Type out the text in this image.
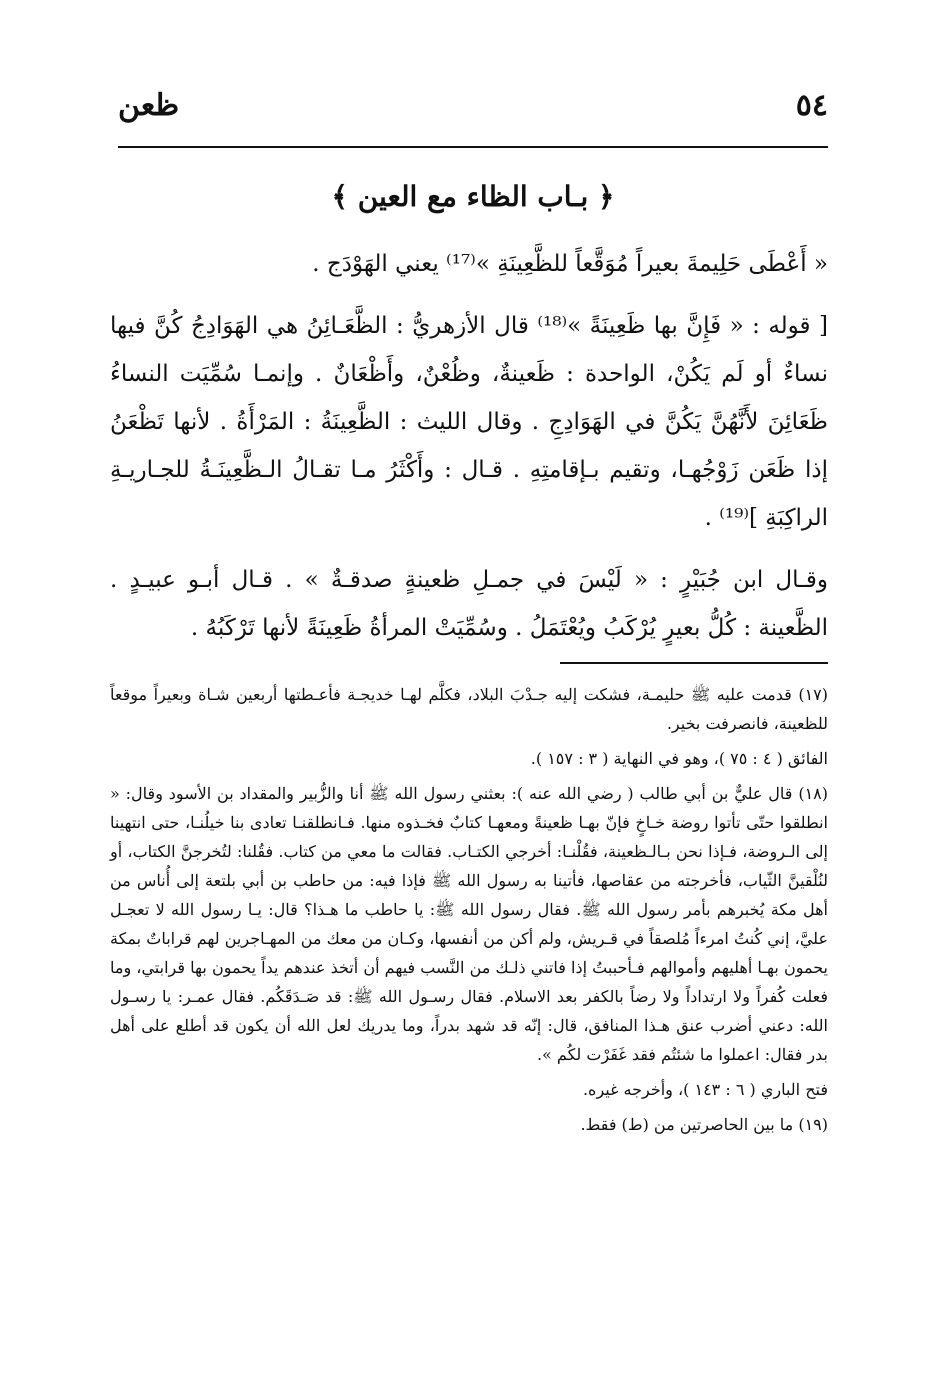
٥٤
ظعن
﴿ بـاب الظاء مع العين ﴾

« أَعْطَى حَلِيمةَ بعيراً مُوَقَّعاً للظَّعِينَةِ »⁽¹⁷⁾ يعني الهَوْدَج .

[ قوله : « فَإِنَّ بها ظَعِينَةً »⁽¹⁸⁾ قال الأزهريُّ : الظَّعَـائِنُ هي الهَوَادِجُ كُنَّ فيها نساءٌ أو لَم يَكُنْ، الواحدة : ظَعينةٌ، وظُعْنٌ، وأَظْعَانٌ . وإنمـا سُمِّيَت النساءُ ظَعَائِنَ لأَنَّهُنَّ يَكُنَّ في الهَوَادِجِ . وقال الليث : الظَّعِينَةُ : المَرْأَةُ . لأنها تَظْعَنُ إذا ظَعَن زَوْجُهـا، وتقيم بـإقامتِهِ . قـال : وأَكْثَرُ مـا تقـالُ الـظَّعِينَـةُ للجـاريـةِ الراكِبَةِ ]⁽¹⁹⁾ .

وقـال ابن جُبَيْرٍ : « لَيْسَ في جمـلِ ظعينةٍ صدقـةٌ » . قـال أبـو عبيـدٍ . الظَّعينة : كُلُّ بعيرٍ يُرْكَبُ ويُعْتَمَلُ . وسُمِّيَتْ المرأةُ ظَعِينَةً لأنها تَرْكَبُهُ .

(١٧) قدمت عليه ﷺ حليمـة، فشكت إليه جـدْبَ البلاد، فكلَّم لهـا خديجـة فأعـطتها أربعين شـاة وبعيراً موقعاً للظعينة، فانصرفت بخير.

الفائق ( ٤ : ٧٥ )، وهو في النهاية ( ٣ : ١٥٧ ).

(١٨) قال عليٌّ بن أبي طالب ( رضي الله عنه ): بعثني رسول الله ﷺ أنا والزُّبير والمقداد بن الأسود وقال: « انطلقوا حتّى تأتوا روضة خـاخٍ فإنّ بهـا ظعينةً ومعهـا كتابٌ فخـذوه منها. فـانطلقنـا تعادى بنا خيلُنـا، حتى انتهينا إلى الـروضة، فـإذا نحن بـالـظعينة، فقُلْنـا: أخرجي الكتـاب. فقالت ما معي من كتاب. فقُلنا: لتُخرجنَّ الكتاب، أو لنُلْقينَّ الثّياب، فأخرجته من عقاصها، فأتينا به رسول الله ﷺ فإذا فيه: من حاطب بن أبي بلتعة إلى أُناس من أهل مكة يُخبرهم بأمر رسول الله ﷺ. فقال رسول الله ﷺ: يا حاطب ما هـذا؟ قال: يـا رسول الله لا تعجـل عليَّ، إني كُنتُ امرءاً مُلصقاً في قـريش، ولم أكن من أنفسها، وكـان من معك من المهـاجرين لهم قراباتٌ بمكة يحمون بهـا أهليهم وأموالهم فـأحببتُ إذا فاتني ذلـك من النَّسب فيهم أن أتخذ عندهم يداً يحمون بها قرابتي، وما فعلت كُفراً ولا ارتداداً ولا رضاً بالكفر بعد الاسلام. فقال رسـول الله ﷺ: قد صَـدَقَكُم. فقال عمـر: يا رسـول الله: دعني أضرب عنق هـذا المنافق، قال: إنّه قد شهد بدراً، وما يدريك لعل الله أن يكون قد أطلع على أهل بدر فقال: اعملوا ما شئتُم فقد غَفَرْت لكُم ».

فتح الباري ( ٦ : ١٤٣ )، وأخرجه غيره.

(١٩) ما بين الحاصرتين من (ط) فقط.
